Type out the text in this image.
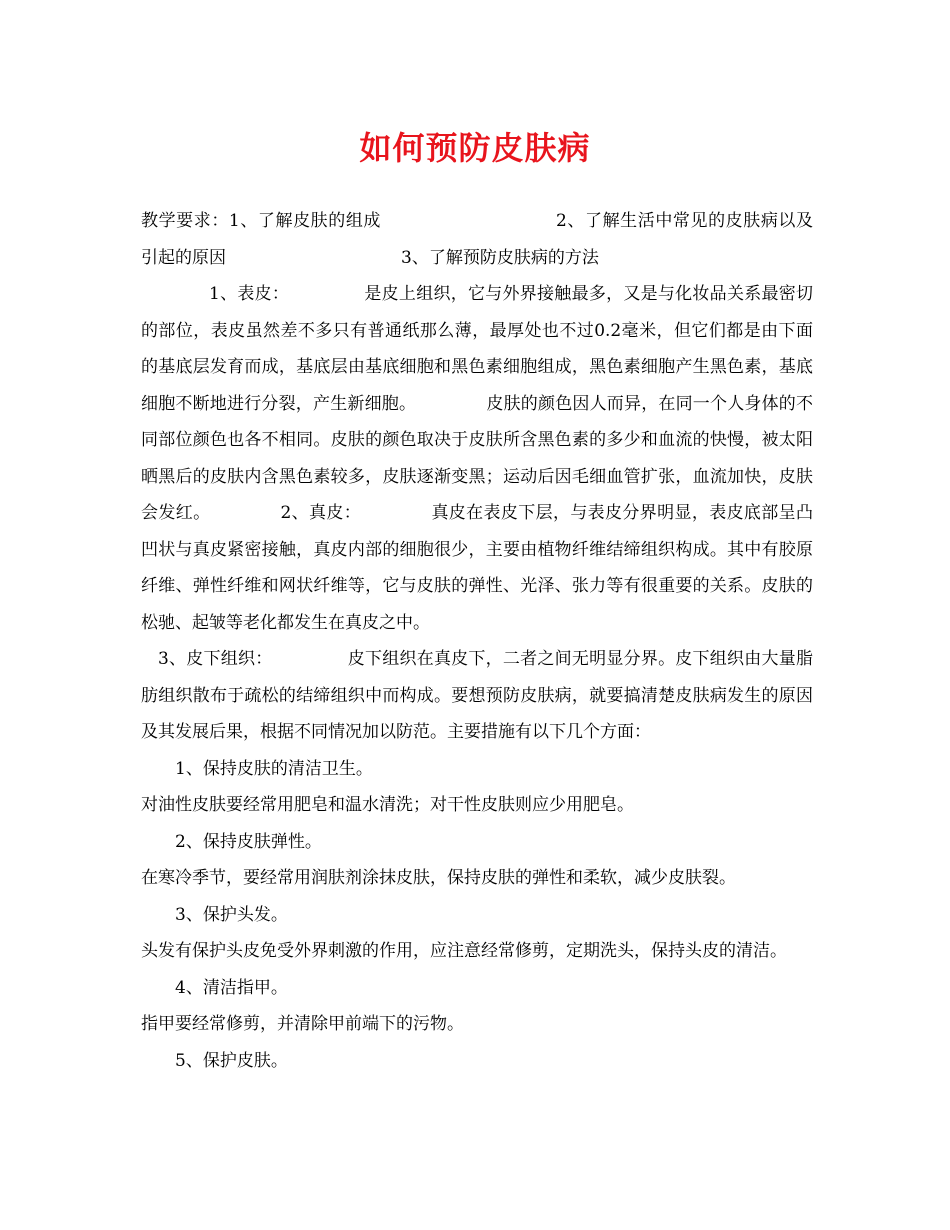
如何预防皮肤病

教学要求：1、了解皮肤的组成	2、了解生活中常见的皮肤病以及引起的原因	3、了解预防皮肤病的方法

1、表皮：	是皮上组织，它与外界接触最多，又是与化妆品关系最密切的部位，表皮虽然差不多只有普通纸那么薄，最厚处也不过0.2毫米，但它们都是由下面的基底层发育而成，基底层由基底细胞和黑色素细胞组成，黑色素细胞产生黑色素，基底细胞不断地进行分裂，产生新细胞。	皮肤的颜色因人而异，在同一个人身体的不同部位颜色也各不相同。皮肤的颜色取决于皮肤所含黑色素的多少和血流的快慢，被太阳晒黑后的皮肤内含黑色素较多，皮肤逐渐变黑；运动后因毛细血管扩张，血流加快，皮肤会发红。	2、真皮：	真皮在表皮下层，与表皮分界明显，表皮底部呈凸凹状与真皮紧密接触，真皮内部的细胞很少，主要由植物纤维结缔组织构成。其中有胶原纤维、弹性纤维和网状纤维等，它与皮肤的弹性、光泽、张力等有很重要的关系。皮肤的松驰、起皱等老化都发生在真皮之中。

3、皮下组织：	皮下组织在真皮下，二者之间无明显分界。皮下组织由大量脂肪组织散布于疏松的结缔组织中而构成。要想预防皮肤病，就要搞清楚皮肤病发生的原因及其发展后果，根据不同情况加以防范。主要措施有以下几个方面：

1、保持皮肤的清洁卫生。

对油性皮肤要经常用肥皂和温水清洗；对干性皮肤则应少用肥皂。

2、保持皮肤弹性。

在寒冷季节，要经常用润肤剂涂抹皮肤，保持皮肤的弹性和柔软，减少皮肤裂。

3、保护头发。

头发有保护头皮免受外界刺激的作用，应注意经常修剪，定期洗头，保持头皮的清洁。

4、清洁指甲。

指甲要经常修剪，并清除甲前端下的污物。

5、保护皮肤。
